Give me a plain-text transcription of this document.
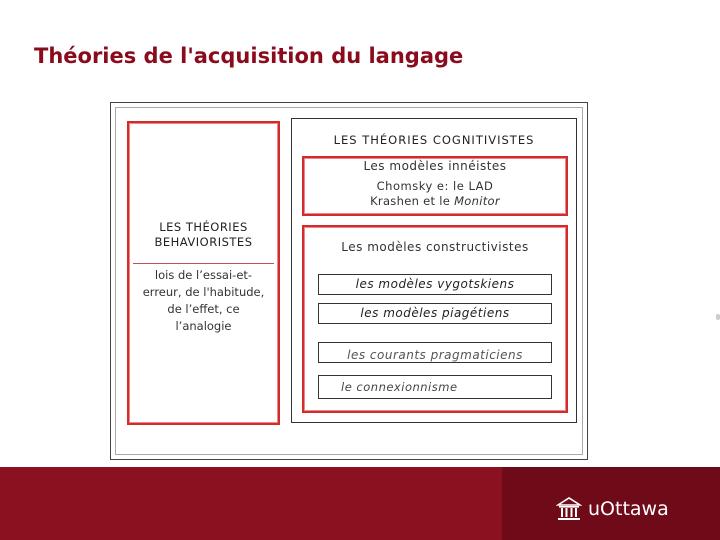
Théories de l'acquisition du langage
LES THÉORIES
BEHAVIORISTES
lois de l’essai-et-
erreur, de l'habitude,
de l’effet, ce
l’analogie
LES THÉORIES COGNITIVISTES
Les modèles innéistes
Chomsky e: le LAD
Krashen et le Monitor
Les modèles constructivistes
les modèles vygotskiens
les modèles piagétiens
les courants pragmaticiens
le connexionnisme
uOttawa
